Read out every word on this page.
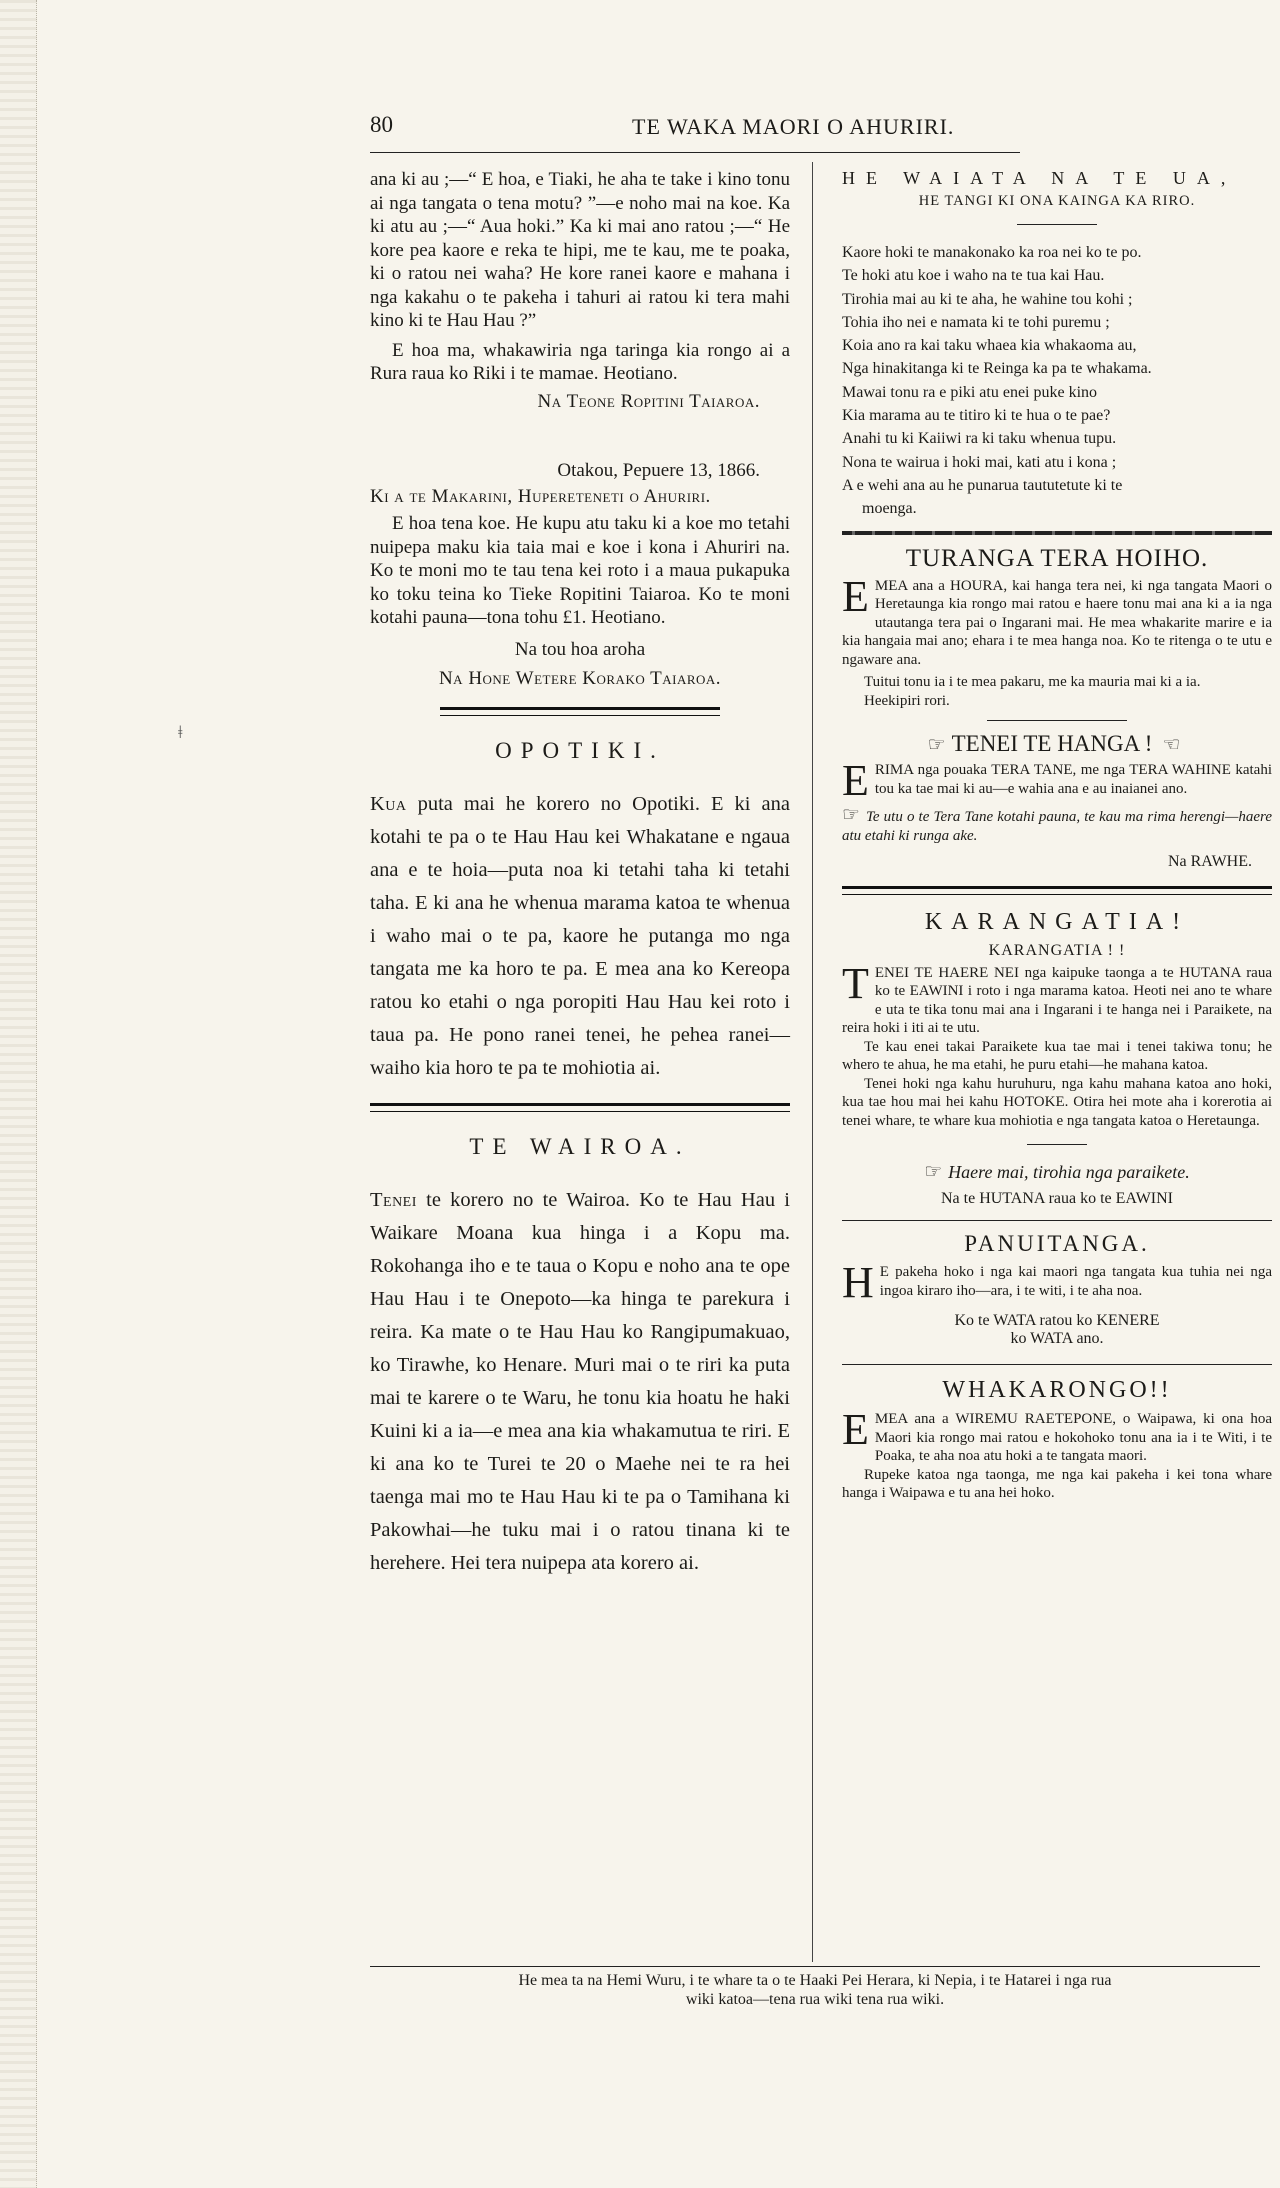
ǂ
80	TE WAKA MAORI O AHURIRI.

ana ki au ;—“ E hoa, e Tiaki, he aha te take i kino tonu ai nga tangata o tena motu? ”—e noho mai na koe. Ka ki atu au ;—“ Aua hoki.” Ka ki mai ano ratou ;—“ He kore pea kaore e reka te hipi, me te kau, me te poaka, ki o ratou nei waha? He kore ranei kaore e mahana i nga kakahu o te pakeha i tahuri ai ratou ki tera mahi kino ki te Hau Hau ?”

E hoa ma, whakawiria nga taringa kia rongo ai a Rura raua ko Riki i te mamae. Heotiano.

Na Teone Ropitini Taiaroa.

Otakou, Pepuere 13, 1866.

Ki a te Makarini, Huperetenetı o Ahuriri.

E hoa tena koe. He kupu atu taku ki a koe mo tetahi nuipepa maku kia taia mai e koe i kona i Ahuriri na. Ko te moni mo te tau tena kei roto i a maua pukapuka ko toku teina ko Tieke Ropitini Taiaroa. Ko te moni kotahi pauna—tona tohu £1. Heotiano.

Na tou hoa aroha

Na Hone Wetere Korako Taiaroa.

OPOTIKI.

Kua puta mai he korero no Opotiki. E ki ana kotahi te pa o te Hau Hau kei Whakatane e ngaua ana e te hoia—puta noa ki tetahi taha ki tetahi taha. E ki ana he whenua marama katoa te whenua i waho mai o te pa, kaore he putanga mo nga tangata me ka horo te pa. E mea ana ko Kereopa ratou ko etahi o nga poropiti Hau Hau kei roto i taua pa. He pono ranei tenei, he pehea ranei—waiho kia horo te pa te mohiotia ai.

TE WAIROA.

Tenei te korero no te Wairoa. Ko te Hau Hau i Waikare Moana kua hinga i a Kopu ma. Rokohanga iho e te taua o Kopu e noho ana te ope Hau Hau i te Onepoto—ka hinga te parekura i reira. Ka mate o te Hau Hau ko Rangipumakuao, ko Tirawhe, ko Henare. Muri mai o te riri ka puta mai te karere o te Waru, he tonu kia hoatu he haki Kuini ki a ia—e mea ana kia whakamutua te riri. E ki ana ko te Turei te 20 o Maehe nei te ra hei taenga mai mo te Hau Hau ki te pa o Tamihana ki Pakowhai—he tuku mai i o ratou tinana ki te herehere. Hei tera nuipepa ata korero ai.

HE WAIATA NA TE UA,

HE TANGI KI ONA KAINGA KA RIRO.

Kaore hoki te manakonako ka roa nei ko te po.

Te hoki atu koe i waho na te tua kai Hau.

Tirohia mai au ki te aha, he wahine tou kohi ;

Tohia iho nei e namata ki te tohi puremu ;

Koia ano ra kai taku whaea kia whakaoma au,

Nga hinakitanga ki te Reinga ka pa te whakama.

Mawai tonu ra e piki atu enei puke kino

Kia marama au te titiro ki te hua o te pae?

Anahi tu ki Kaiiwi ra ki taku whenua tupu.

Nona te wairua i hoki mai, kati atu i kona ;

A e wehi ana au he punarua taututetute ki te

moenga.

TURANGA TERA HOIHO.

EMEA ana a HOURA, kai hanga tera nei, ki nga tangata Maori o Heretaunga kia rongo mai ratou e haere tonu mai ana ki a ia nga utautanga tera pai o Ingarani mai. He mea whakarite marire e ia kia hangaia mai ano; ehara i te mea hanga noa. Ko te ritenga o te utu e ngaware ana.

Tuitui tonu ia i te mea pakaru, me ka mauria mai ki a ia.

Heekipiri rori.

☞ TENEI TE HANGA ! ☜

ERIMA nga pouaka TERA TANE, me nga TERA WAHINE katahi tou ka tae mai ki au—e wahia ana e au inaianei ano.

☞ Te utu o te Tera Tane kotahi pauna, te kau ma rima herengi—haere atu etahi ki runga ake.

Na RAWHE.

KARANGATIA!

KARANGATIA ! !

TENEI TE HAERE NEI nga kaipuke taonga a te HUTANA raua ko te EAWINI i roto i nga marama katoa. Heoti nei ano te whare e uta te tika tonu mai ana i Ingarani i te hanga nei i Paraikete, na reira hoki i iti ai te utu.

Te kau enei takai Paraikete kua tae mai i tenei takiwa tonu; he whero te ahua, he ma etahi, he puru etahi—he mahana katoa.

Tenei hoki nga kahu huruhuru, nga kahu mahana katoa ano hoki, kua tae hou mai hei kahu HOTOKE. Otira hei mote aha i korerotia ai tenei whare, te whare kua mohiotia e nga tangata katoa o Heretaunga.

☞ Haere mai, tirohia nga paraikete.

Na te HUTANA raua ko te EAWINI

PANUITANGA.

H E pakeha hoko i nga kai maori nga tangata kua tuhia nei nga ingoa kiraro iho—ara, i te witi, i te aha noa.

Ko te WATA ratou ko KENERE

ko WATA ano.

WHAKARONGO!!

EMEA ana a WIREMU RAETEPONE, o Waipawa, ki ona hoa Maori kia rongo mai ratou e hokohoko tonu ana ia i te Witi, i te Poaka, te aha noa atu hoki a te tangata maori.

Rupeke katoa nga taonga, me nga kai pakeha i kei tona whare hanga i Waipawa e tu ana hei hoko.

He mea ta na Hemi Wuru, i te whare ta o te Haaki Pei Herara, ki Nepia, i te Hatarei i nga rua
wiki katoa—tena rua wiki tena rua wiki.
